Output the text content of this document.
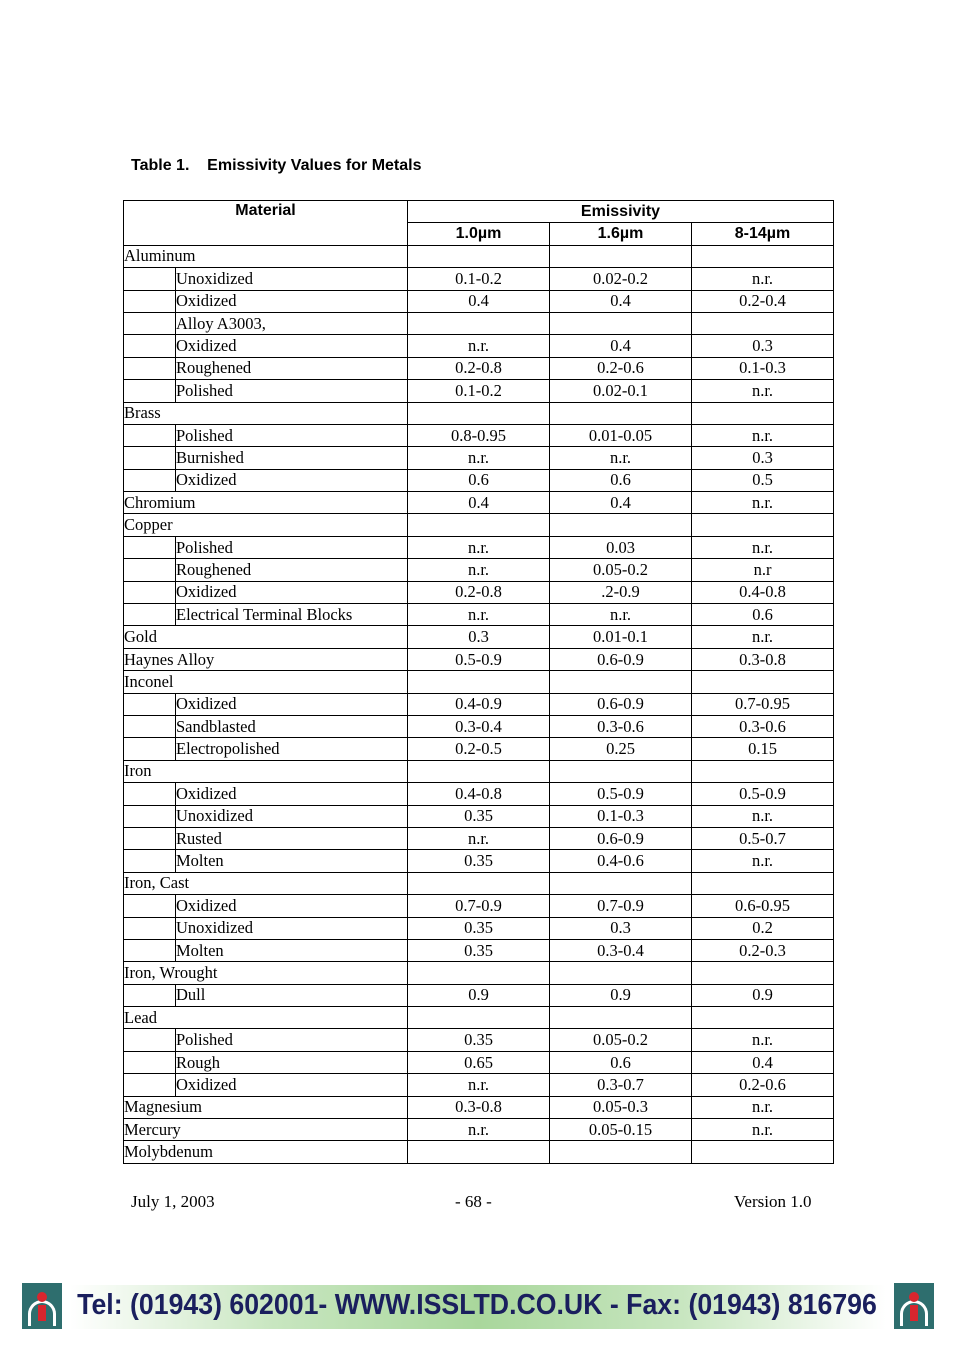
Table 1. Emissivity Values for Metals
Material		Emissivity		
		1.0µm	1.6µm	8-14µm
Aluminum				
	Unoxidized	0.1-0.2	0.02-0.2	n.r.
	Oxidized	0.4	0.4	0.2-0.4
	Alloy A3003,			
	Oxidized	n.r.	0.4	0.3
	Roughened	0.2-0.8	0.2-0.6	0.1-0.3
	Polished	0.1-0.2	0.02-0.1	n.r.
Brass				
	Polished	0.8-0.95	0.01-0.05	n.r.
	Burnished	n.r.	n.r.	0.3
	Oxidized	0.6	0.6	0.5
Chromium		0.4	0.4	n.r.
Copper				
	Polished	n.r.	0.03	n.r.
	Roughened	n.r.	0.05-0.2	n.r
	Oxidized	0.2-0.8	.2-0.9	0.4-0.8
	Electrical Terminal Blocks	n.r.	n.r.	0.6
Gold		0.3	0.01-0.1	n.r.
Haynes Alloy		0.5-0.9	0.6-0.9	0.3-0.8
Inconel				
	Oxidized	0.4-0.9	0.6-0.9	0.7-0.95
	Sandblasted	0.3-0.4	0.3-0.6	0.3-0.6
	Electropolished	0.2-0.5	0.25	0.15
Iron				
	Oxidized	0.4-0.8	0.5-0.9	0.5-0.9
	Unoxidized	0.35	0.1-0.3	n.r.
	Rusted	n.r.	0.6-0.9	0.5-0.7
	Molten	0.35	0.4-0.6	n.r.
Iron, Cast				
	Oxidized	0.7-0.9	0.7-0.9	0.6-0.95
	Unoxidized	0.35	0.3	0.2
	Molten	0.35	0.3-0.4	0.2-0.3
Iron, Wrought				
	Dull	0.9	0.9	0.9
Lead				
	Polished	0.35	0.05-0.2	n.r.
	Rough	0.65	0.6	0.4
	Oxidized	n.r.	0.3-0.7	0.2-0.6
Magnesium		0.3-0.8	0.05-0.3	n.r.
Mercury		n.r.	0.05-0.15	n.r.
Molybdenum				
July 1, 2003	- 68 -	Version 1.0
Tel: (01943) 602001- WWW.ISSLTD.CO.UK - Fax: (01943) 816796
